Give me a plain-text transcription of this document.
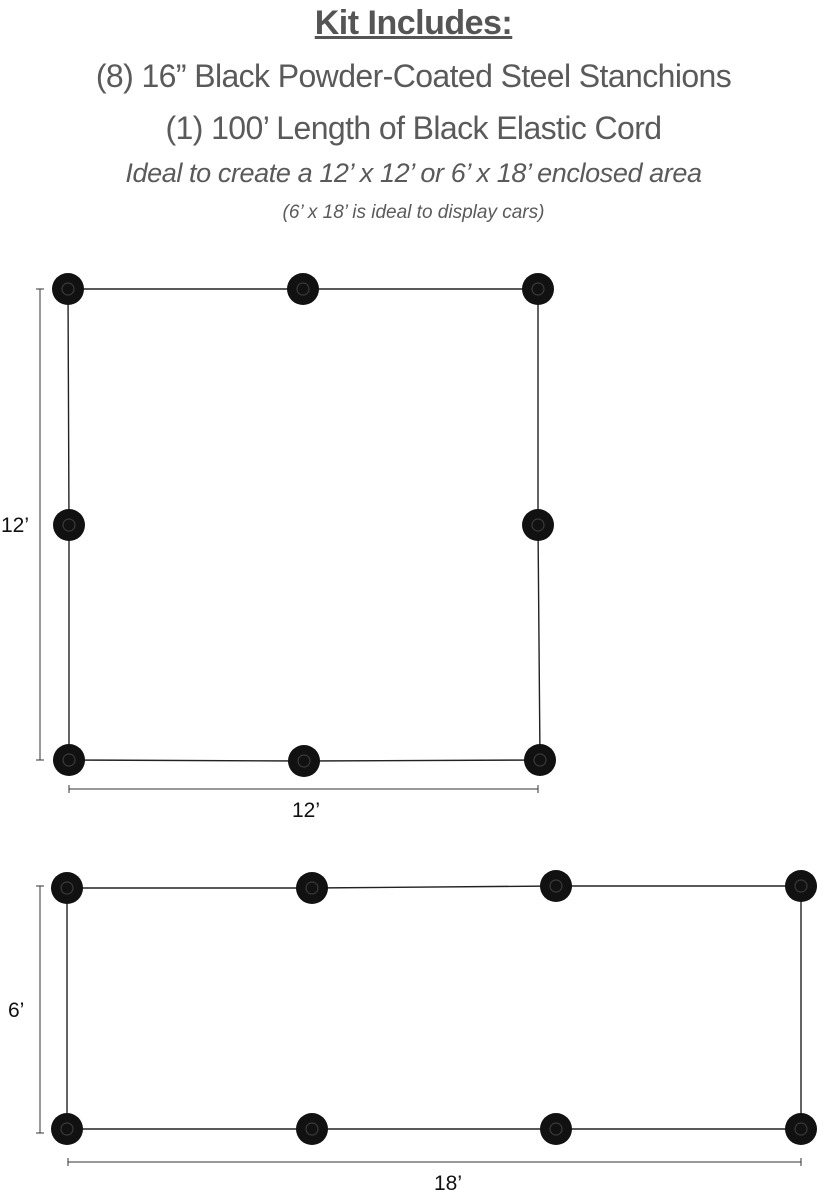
Kit Includes:
(8) 16” Black Powder-Coated Steel Stanchions
(1) 100’ Length of Black Elastic Cord
Ideal to create a 12’ x 12’ or 6’ x 18’ enclosed area
(6’ x 18’ is ideal to display cars)
12’
12’
6’
18’
